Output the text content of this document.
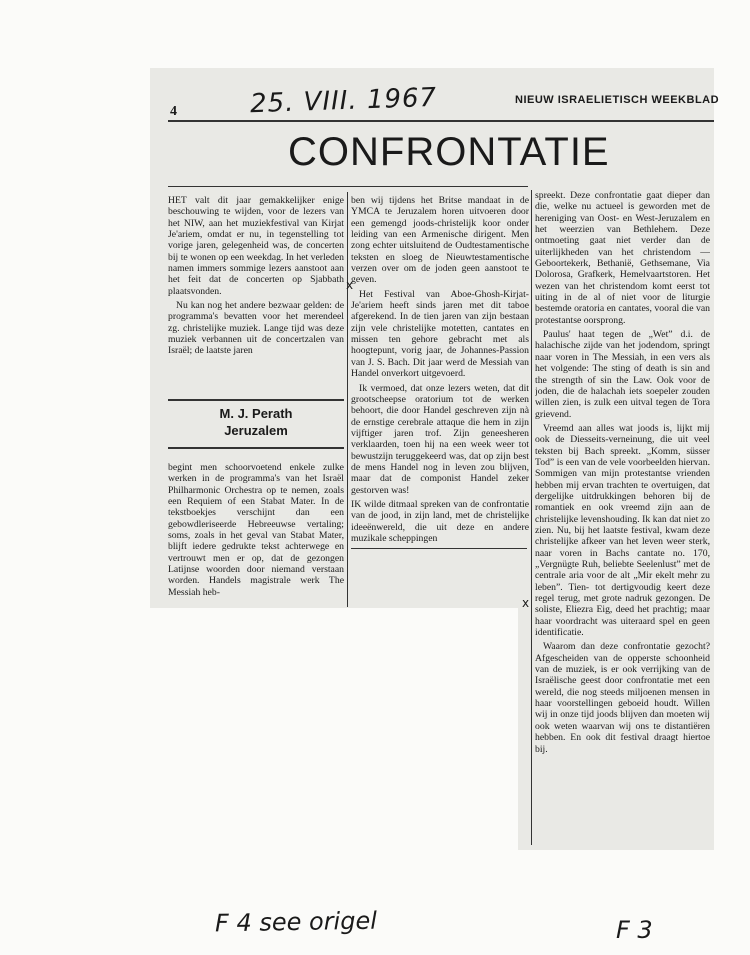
4	25. VIII. 1967	NIEUW ISRAELIETISCH WEEKBLAD
CONFRONTATIE

HET valt dit jaar gemakkelijker enige beschouwing te wijden, voor de lezers van het NIW, aan het muziekfestival van Kirjat Je'ariem, omdat er nu, in tegenstelling tot vorige jaren, gelegenheid was, de concerten bij te wonen op een weekdag. In het verleden namen immers sommige lezers aanstoot aan het feit dat de concerten op Sjabbath plaatsvonden.

Nu kan nog het andere bezwaar gelden: de programma's bevatten voor het merendeel zg. christelijke muziek. Lange tijd was deze muziek verbannen uit de concertzalen van Israël; de laatste jaren

M. J. Perath
Jeruzalem

begint men schoorvoetend enkele zulke werken in de programma's van het Israël Philharmonic Orchestra op te nemen, zoals een Requiem of een Stabat Mater. In de tekstboekjes verschijnt dan een gebowdleriseerde Hebreeuwse vertaling; soms, zoals in het geval van Stabat Mater, blijft iedere gedrukte tekst achterwege en vertrouwt men er op, dat de gezongen Latijnse woorden door niemand verstaan worden. Handels magistrale werk The Messiah heb-

ben wij tijdens het Britse mandaat in de YMCA te Jeruzalem horen uitvoeren door een gemengd joods-christelijk koor onder leiding van een Armenische dirigent. Men zong echter uitsluitend de Oudtestamentische teksten en sloeg de Nieuwtestamentische verzen over om de joden geen aanstoot te geven.

Het Festival van Aboe-Ghosh-Kirjat-Je'ariem heeft sinds jaren met dit taboe afgerekend. In de tien jaren van zijn bestaan zijn vele christelijke motetten, cantates en missen ten gehore gebracht met als hoogtepunt, vorig jaar, de Johannes-Passion van J. S. Bach. Dit jaar werd de Messiah van Handel onverkort uitgevoerd.

Ik vermoed, dat onze lezers weten, dat dit grootscheepse oratorium tot de werken behoort, die door Handel geschreven zijn nà de ernstige cerebrale attaque die hem in zijn vijftiger jaren trof. Zijn geneesheren verklaarden, toen hij na een week weer tot bewustzijn teruggekeerd was, dat op zijn best de mens Handel nog in leven zou blijven, maar dat de componist Handel zeker gestorven was!

IK wilde ditmaal spreken van de confrontatie van de jood, in zijn land, met de christelijke ideeënwereld, die uit deze en andere muzikale scheppingen

x
x

spreekt. Deze confrontatie gaat dieper dan die, welke nu actueel is geworden met de hereniging van Oost- en West-Jeruzalem en het weerzien van Bethlehem. Deze ontmoeting gaat niet verder dan de uiterlijkheden van het christendom — Geboortekerk, Bethanië, Gethsemane, Via Dolorosa, Grafkerk, Hemelvaartstoren. Het wezen van het christendom komt eerst tot uiting in de al of niet voor de liturgie bestemde oratoria en cantates, vooral die van protestantse oorsprong.

Paulus' haat tegen de „Wet” d.i. de halachische zijde van het jodendom, springt naar voren in The Messiah, in een vers als het volgende: The sting of death is sin and the strength of sin the Law. Ook voor de joden, die de halachah iets soepeler zouden willen zien, is zulk een uitval tegen de Tora grievend.

Vreemd aan alles wat joods is, lijkt mij ook de Diesseits-verneinung, die uit veel teksten bij Bach spreekt. „Komm, süsser Tod” is een van de vele voorbeelden hiervan. Sommigen van mijn protestantse vrienden hebben mij ervan trachten te overtuigen, dat dergelijke uitdrukkingen behoren bij de romantiek en ook vreemd zijn aan de christelijke levenshouding. Ik kan dat niet zo zien. Nu, bij het laatste festival, kwam deze christelijke afkeer van het leven weer sterk, naar voren in Bachs cantate no. 170, „Vergnügte Ruh, beliebte Seelenlust” met de centrale aria voor de alt „Mir ekelt mehr zu leben”. Tien- tot dertigvoudig keert deze regel terug, met grote nadruk gezongen. De soliste, Eliezra Eig, deed het prachtig; maar haar voordracht was uiteraard spel en geen identificatie.

Waarom dan deze confrontatie gezocht? Afgescheiden van de opperste schoonheid van de muziek, is er ook verrijking van de Israëlische geest door confrontatie met een wereld, die nog steeds miljoenen mensen in haar voorstellingen geboeid houdt. Willen wij in onze tijd joods blijven dan moeten wij ook weten waarvan wij ons te distantiëren hebben. En ook dit festival draagt hiertoe bij.

F 4 see origel	F 3
